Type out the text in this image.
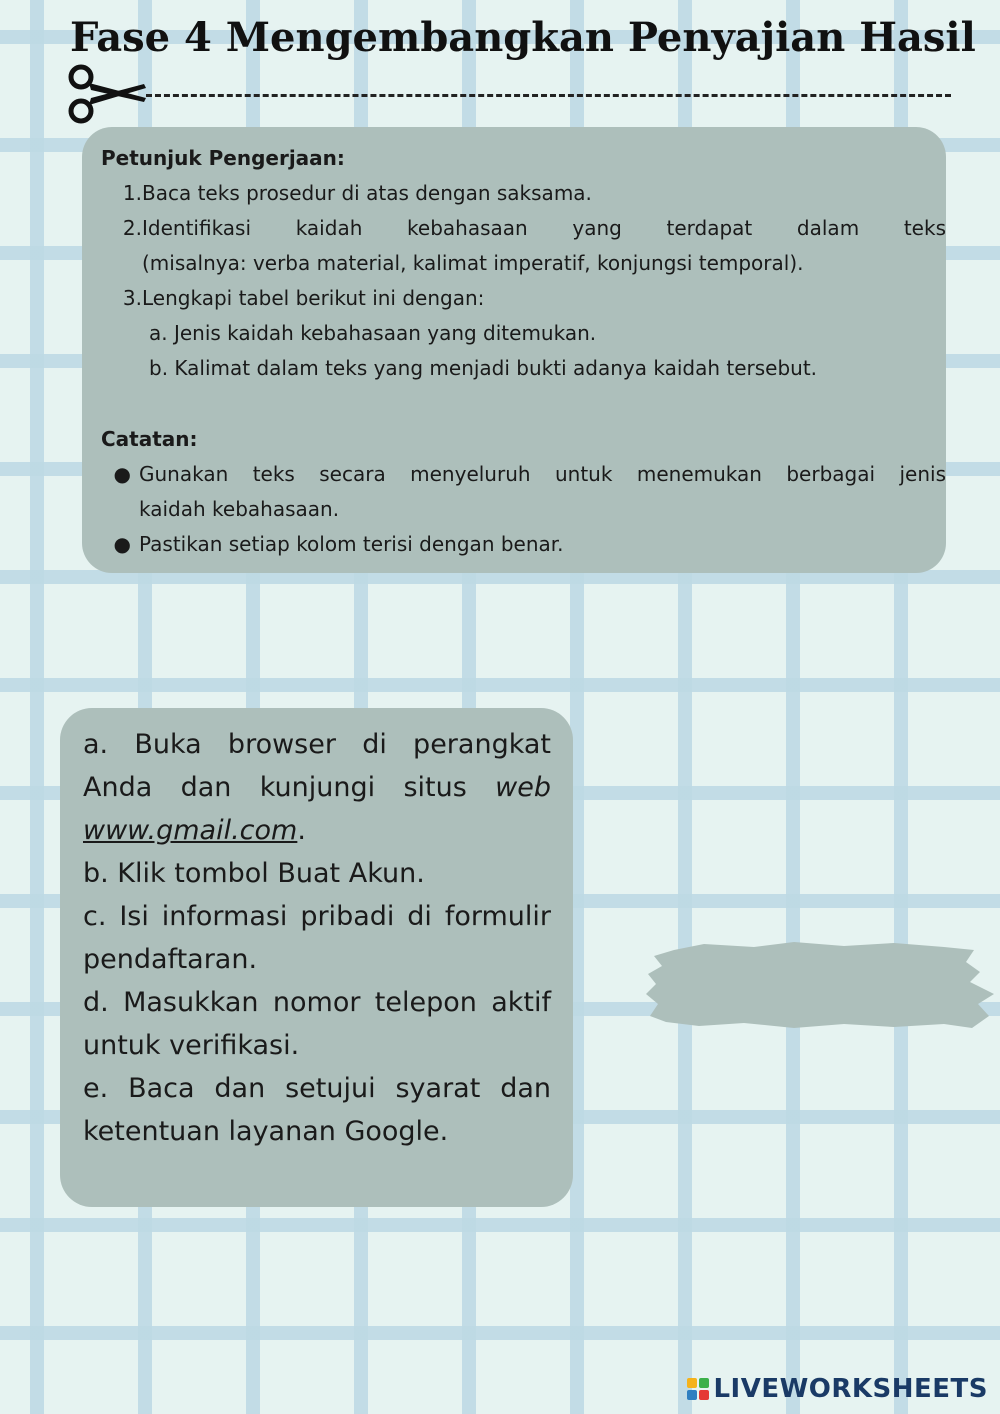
Fase 4 Mengembangkan Penyajian Hasil
Petunjuk Pengerjaan:
1. Baca teks prosedur di atas dengan saksama.
2. Identifikasi kaidah kebahasaan yang terdapat dalam teks
(misalnya: verba material, kalimat imperatif, konjungsi temporal).
3. Lengkapi tabel berikut ini dengan:
a. Jenis kaidah kebahasaan yang ditemukan.
b. Kalimat dalam teks yang menjadi bukti adanya kaidah tersebut.
Catatan:
● Gunakan teks secara menyeluruh untuk menemukan berbagai jenis
kaidah kebahasaan.
● Pastikan setiap kolom terisi dengan benar.
a. Buka browser di perangkat
Anda dan kunjungi situs web
www.gmail.com.
b. Klik tombol Buat Akun.
c. Isi informasi pribadi di formulir
pendaftaran.
d. Masukkan nomor telepon aktif
untuk verifikasi.
e. Baca dan setujui syarat dan
ketentuan layanan Google.
LIVEWORKSHEETS
